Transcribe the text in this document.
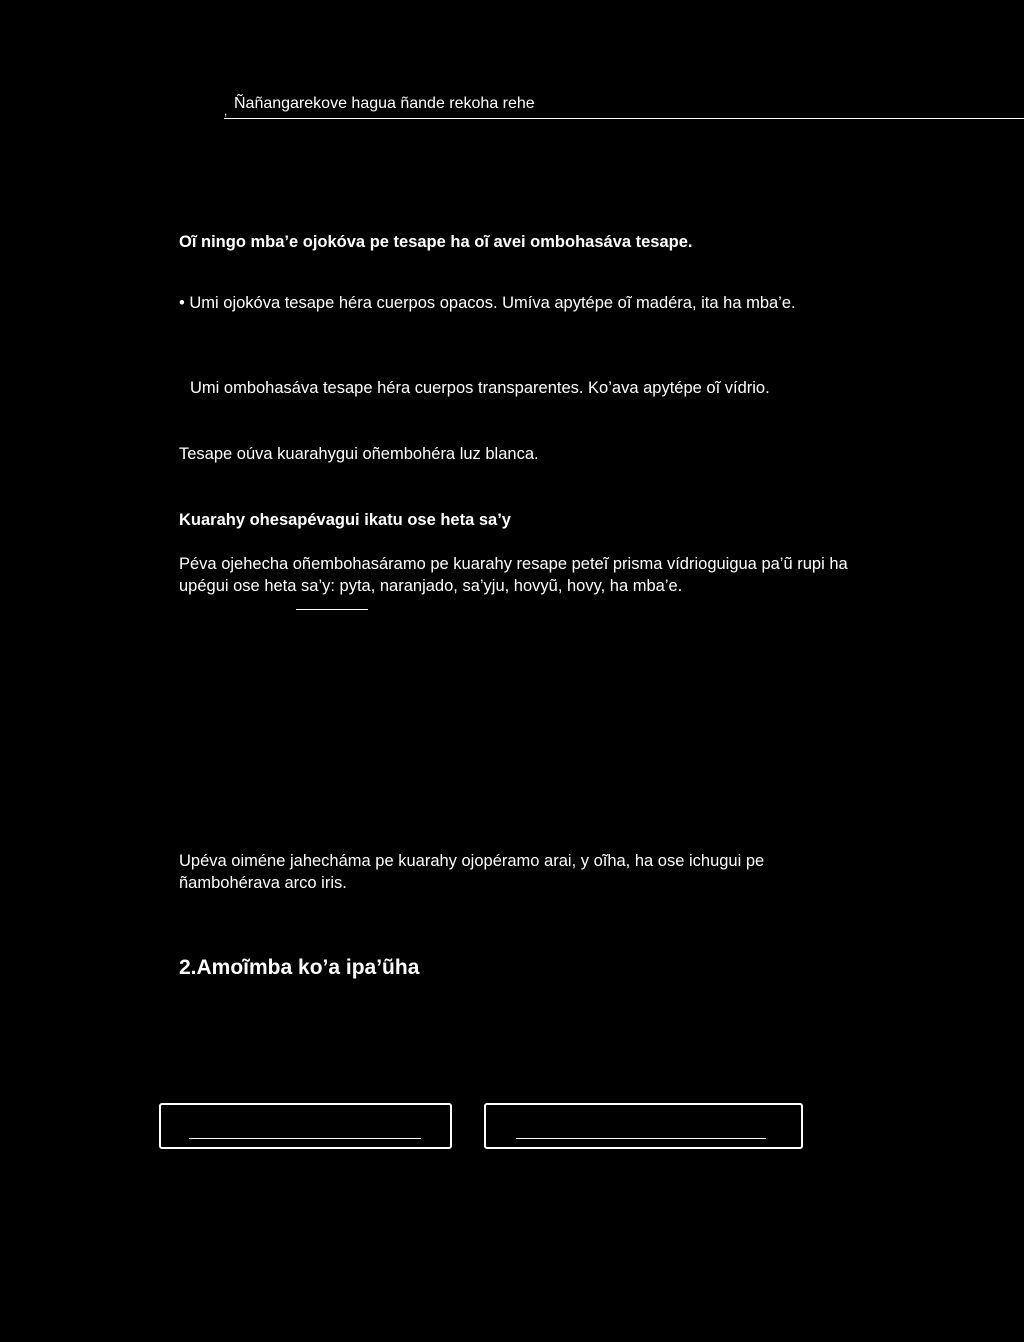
, Ñañangarekove hagua ñande rekoha rehe
Oĩ ningo mba’e ojokóva pe tesape ha oĩ avei ombohasáva tesape.
• Umi ojokóva tesape héra cuerpos opacos. Umíva apytépe oĩ madéra, ita ha mba’e.
Umi ombohasáva tesape héra cuerpos transparentes. Ko’ava apytépe oĩ vídrio.
Tesape oúva kuarahygui oñembohéra luz blanca.
Kuarahy ohesapévagui ikatu ose heta sa’y
Péva ojehecha oñembohasáramo pe kuarahy resape peteĩ prisma vídrioguigua pa’ũ rupi ha upégui ose heta sa’y: pyta, naranjado, sa’yju, hovyũ, hovy, ha mba’e.
Upéva oiméne jahecháma pe kuarahy ojopéramo arai, y oĩha, ha ose ichugui pe ñambohérava arco iris.
2.Amoĩmba ko’a ipa’ũha
